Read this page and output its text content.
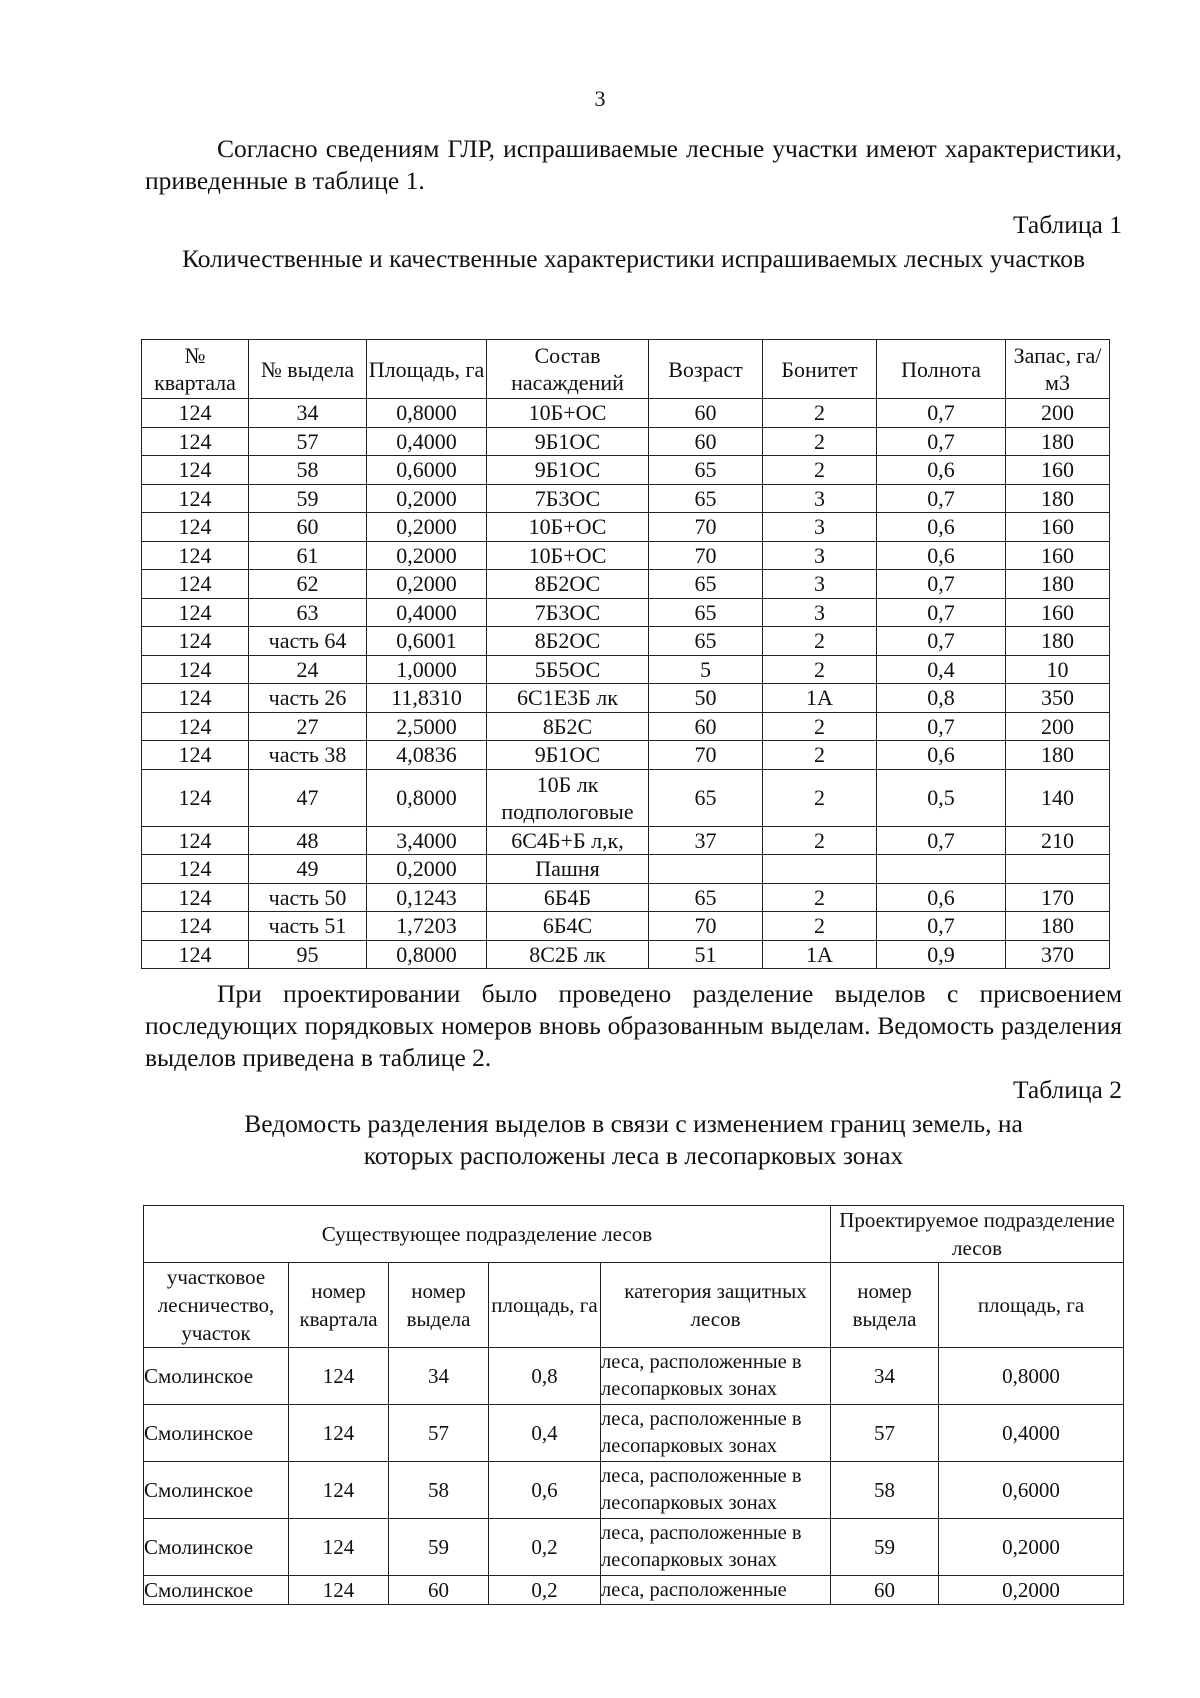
3

Согласно сведениям ГЛР, испрашиваемые лесные участки имеют характеристики, приведенные в таблице 1.

Таблица 1

Количественные и качественные характеристики испрашиваемых лесных участков

№ квартала	№ выдела	Площадь, га	Состав насаждений	Возраст	Бонитет	Полнота	Запас, га/м3
124	34	0,8000	10Б+ОС	60	2	0,7	200
124	57	0,4000	9Б1ОС	60	2	0,7	180
124	58	0,6000	9Б1ОС	65	2	0,6	160
124	59	0,2000	7Б3ОС	65	3	0,7	180
124	60	0,2000	10Б+ОС	70	3	0,6	160
124	61	0,2000	10Б+ОС	70	3	0,6	160
124	62	0,2000	8Б2ОС	65	3	0,7	180
124	63	0,4000	7Б3ОС	65	3	0,7	160
124	часть 64	0,6001	8Б2ОС	65	2	0,7	180
124	24	1,0000	5Б5ОС	5	2	0,4	10
124	часть 26	11,8310	6С1Е3Б лк	50	1А	0,8	350
124	27	2,5000	8Б2С	60	2	0,7	200
124	часть 38	4,0836	9Б1ОС	70	2	0,6	180
124	47	0,8000	10Б лк подпологовые	65	2	0,5	140
124	48	3,4000	6С4Б+Б л,к,	37	2	0,7	210
124	49	0,2000	Пашня				
124	часть 50	0,1243	6Б4Б	65	2	0,6	170
124	часть 51	1,7203	6Б4С	70	2	0,7	180
124	95	0,8000	8С2Б лк	51	1А	0,9	370

При проектировании было проведено разделение выделов с присвоением последующих порядковых номеров вновь образованным выделам. Ведомость разделения выделов приведена в таблице 2.

Таблица 2
Ведомость разделения выделов в связи с изменением границ земель, на
которых расположены леса в лесопарковых зонах
Существующее подразделение лесов					Проектируемое подразделение лесов	
участковое лесничество, участок	номер квартала	номер выдела	площадь, га	категория защитных лесов	номер выдела	площадь, га
Смолинское	124	34	0,8	леса, расположенные в лесопарковых зонах	34	0,8000
Смолинское	124	57	0,4	леса, расположенные в лесопарковых зонах	57	0,4000
Смолинское	124	58	0,6	леса, расположенные в лесопарковых зонах	58	0,6000
Смолинское	124	59	0,2	леса, расположенные в лесопарковых зонах	59	0,2000
Смолинское	124	60	0,2	леса, расположенные	60	0,2000
